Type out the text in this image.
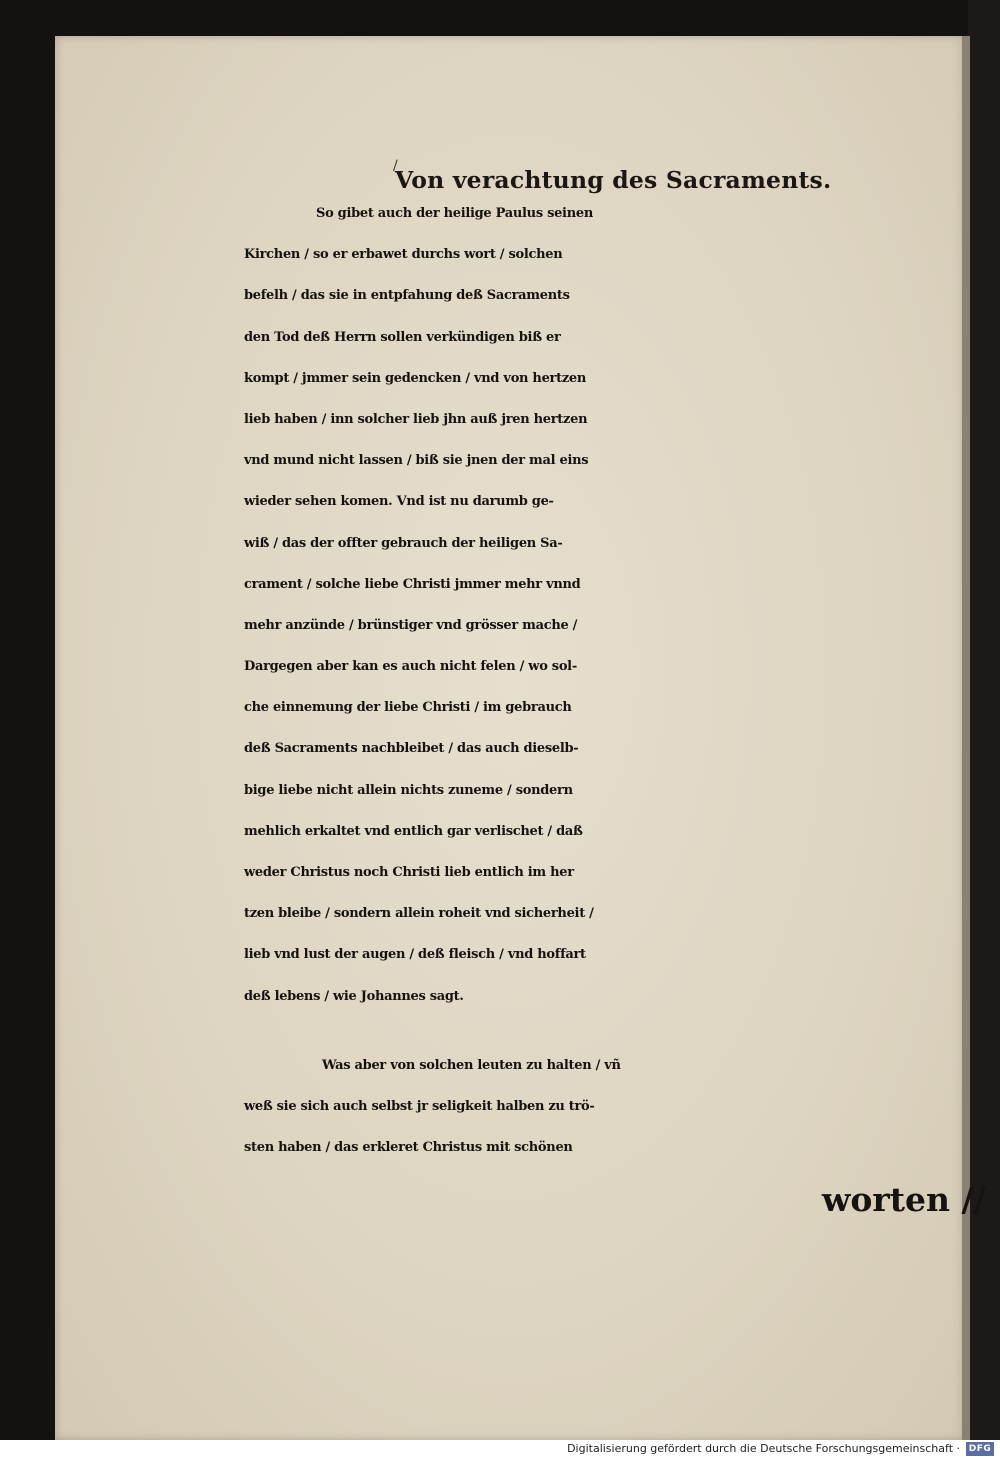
/
Von verachtung des Sacraments.
So gibet auch der heilige Paulus seinen
Kirchen / so er erbawet durchs wort / solchen
befelh / das sie in entpfahung deß Sacraments
den Tod deß Herrn sollen verkündigen biß er
kompt / jmmer sein gedencken / vnd von hertzen
lieb haben / inn solcher lieb jhn auß jren hertzen
vnd mund nicht lassen / biß sie jnen der mal eins
wieder sehen komen. Vnd ist nu darumb ge-
wiß / das der offter gebrauch der heiligen Sa-
crament / solche liebe Christi jmmer mehr vnnd
mehr anzünde / brünstiger vnd grösser mache /
Dargegen aber kan es auch nicht felen / wo sol-
che einnemung der liebe Christi / im gebrauch
deß Sacraments nachbleibet / das auch dieselb-
bige liebe nicht allein nichts zuneme / sondern
mehlich erkaltet vnd entlich gar verlischet / daß
weder Christus noch Christi lieb entlich im her
tzen bleibe / sondern allein roheit vnd sicherheit /
lieb vnd lust der augen / deß fleisch / vnd hoffart
deß lebens / wie Johannes sagt.
Was aber von solchen leuten zu halten / vñ
weß sie sich auch selbst jr seligkeit halben zu trö-
sten haben / das erkleret Christus mit schönen
worten //
Digitalisierung gefördert durch die Deutsche Forschungsgemeinschaft · DFG
